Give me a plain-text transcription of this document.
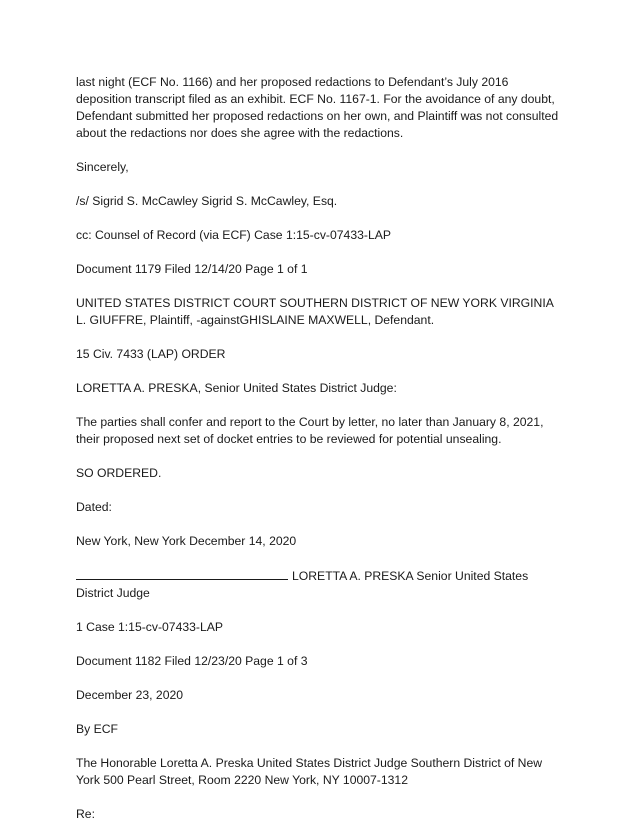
last night (ECF No. 1166) and her proposed redactions to Defendant’s July 2016 deposition transcript filed as an exhibit. ECF No. 1167-1. For the avoidance of any doubt, Defendant submitted her proposed redactions on her own, and Plaintiff was not consulted about the redactions nor does she agree with the redactions.

Sincerely,

/s/ Sigrid S. McCawley Sigrid S. McCawley, Esq.

cc: Counsel of Record (via ECF) Case 1:15-cv-07433-LAP

Document 1179 Filed 12/14/20 Page 1 of 1

UNITED STATES DISTRICT COURT SOUTHERN DISTRICT OF NEW YORK VIRGINIA L. GIUFFRE, Plaintiff, -againstGHISLAINE MAXWELL, Defendant.

15 Civ. 7433 (LAP) ORDER

LORETTA A. PRESKA, Senior United States District Judge:

The parties shall confer and report to the Court by letter, no later than January 8, 2021, their proposed next set of docket entries to be reviewed for potential unsealing.

SO ORDERED.

Dated:

New York, New York December 14, 2020

LORETTA A. PRESKA Senior United States District Judge

1 Case 1:15-cv-07433-LAP

Document 1182 Filed 12/23/20 Page 1 of 3

December 23, 2020

By ECF

The Honorable Loretta A. Preska United States District Judge Southern District of New York 500 Pearl Street, Room 2220 New York, NY 10007-1312

Re:
